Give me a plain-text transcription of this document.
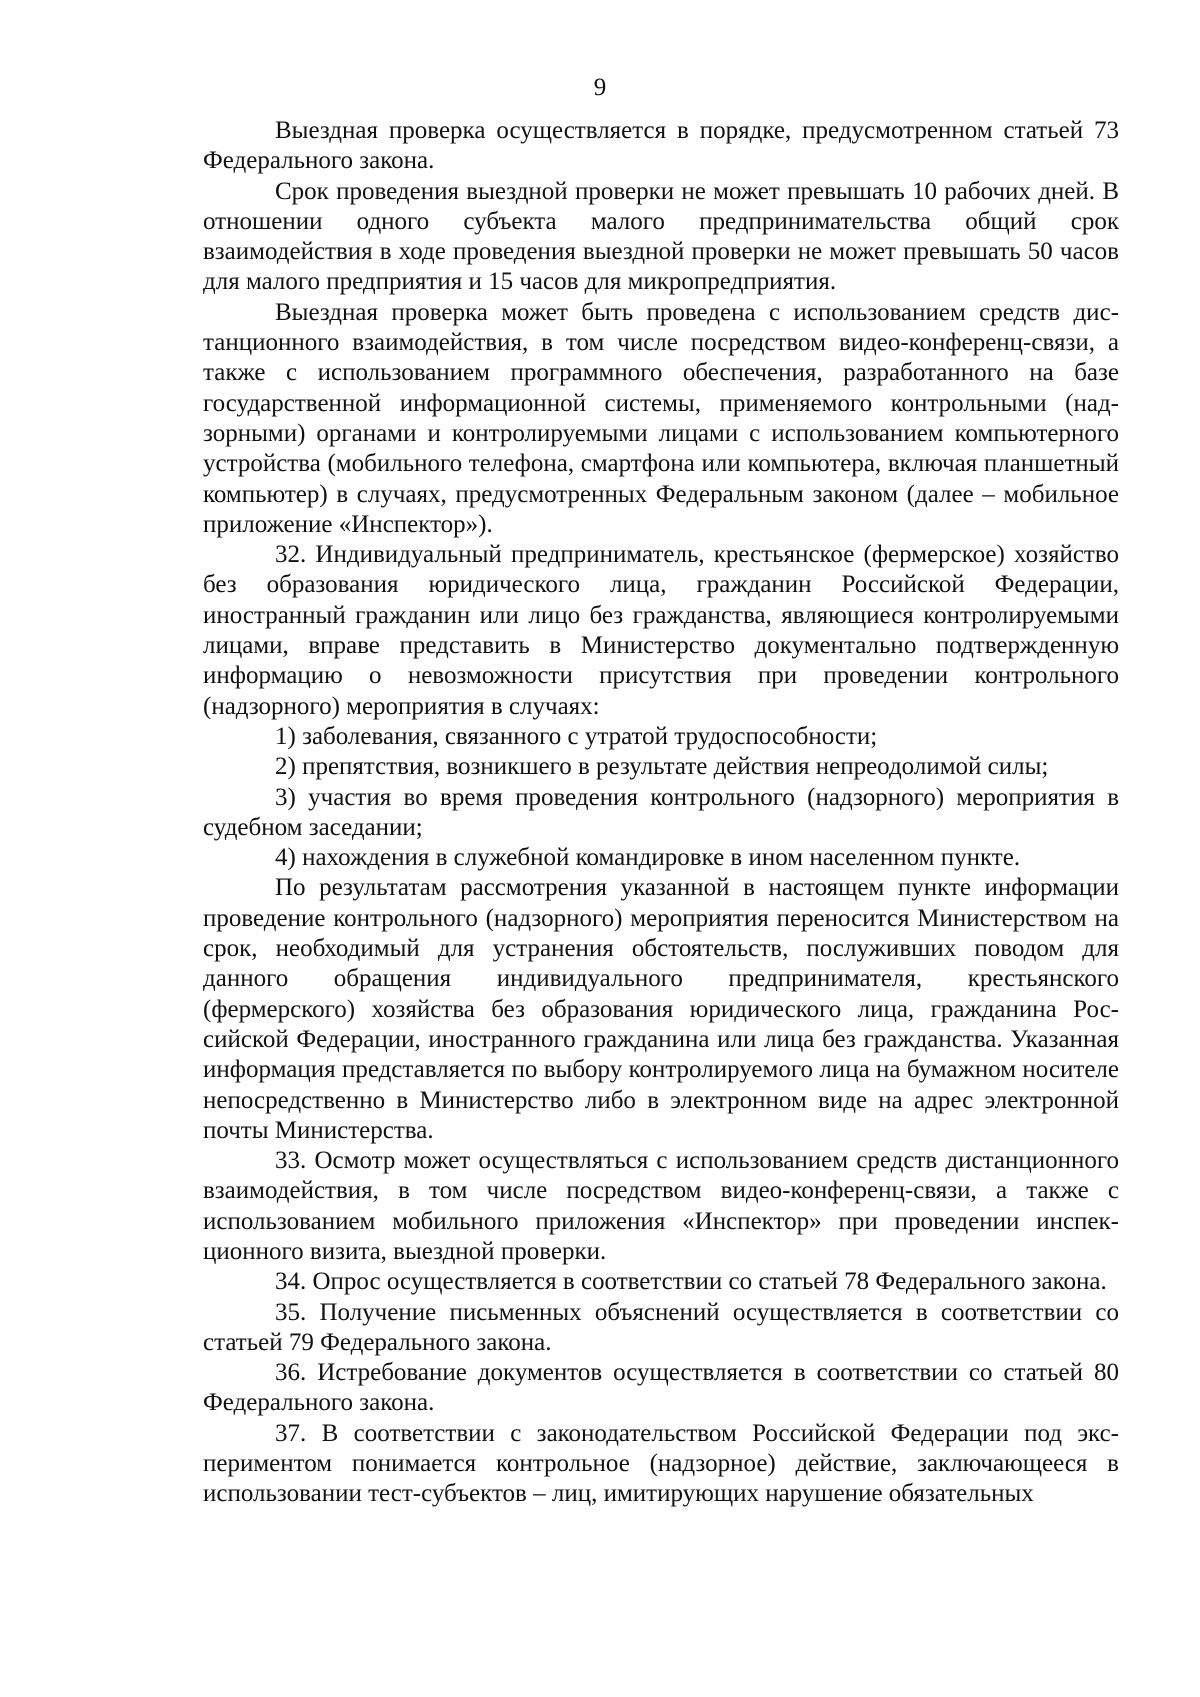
9

Выездная проверка осуществляется в порядке, предусмотренном статьей 73 Федерального закона.

Срок проведения выездной проверки не может превышать 10 рабочих дней. В отношении одного субъекта малого предпринимательства общий срок взаимодействия в ходе проведения выездной проверки не может превышать 50 часов для малого предприятия и 15 часов для микропредприятия.

Выездная проверка может быть проведена с использованием средств дистанционного взаимодействия, в том числе посредством видео-конференц-связи, а также с использованием программного обеспечения, разработанного на базе государственной информационной системы, применяемого контрольными (надзорными) органами и контролируемыми лицами с использованием компьютерного устройства (мобильного телефона, смартфона или компьютера, включая планшетный компьютер) в случаях, предусмотренных Федеральным законом (далее – мобильное приложение «Инспектор»).

32. Индивидуальный предприниматель, крестьянское (фермерское) хозяйство без образования юридического лица, гражданин Российской Федерации, иностранный гражданин или лицо без гражданства, являющиеся контролируемыми лицами, вправе представить в Министерство документально подтвержденную информацию о невозможности присутствия при проведении контрольного (надзорного) мероприятия в случаях:

1) заболевания, связанного с утратой трудоспособности;

2) препятствия, возникшего в результате действия непреодолимой силы;

3) участия во время проведения контрольного (надзорного) мероприятия в судебном заседании;

4) нахождения в служебной командировке в ином населенном пункте.

По результатам рассмотрения указанной в настоящем пункте информации проведение контрольного (надзорного) мероприятия переносится Министерством на срок, необходимый для устранения обстоятельств, послуживших поводом для данного обращения индивидуального предпринимателя, крестьянского (фермерского) хозяйства без образования юридического лица, гражданина Российской Федерации, иностранного гражданина или лица без гражданства. Указанная информация представляется по выбору контролируемого лица на бумажном носителе непосредственно в Министерство либо в электронном виде на адрес электронной почты Министерства.

33. Осмотр может осуществляться с использованием средств дистанционного взаимодействия, в том числе посредством видео-конференц-связи, а также с использованием мобильного приложения «Инспектор» при проведении инспекционного визита, выездной проверки.

34. Опрос осуществляется в соответствии со статьей 78 Федерального закона.

35. Получение письменных объяснений осуществляется в соответствии со статьей 79 Федерального закона.

36. Истребование документов осуществляется в соответствии со статьей 80 Федерального закона.

37. В соответствии с законодательством Российской Федерации под экспериментом понимается контрольное (надзорное) действие, заключающееся в использовании тест-субъектов – лиц, имитирующих нарушение обязательных
